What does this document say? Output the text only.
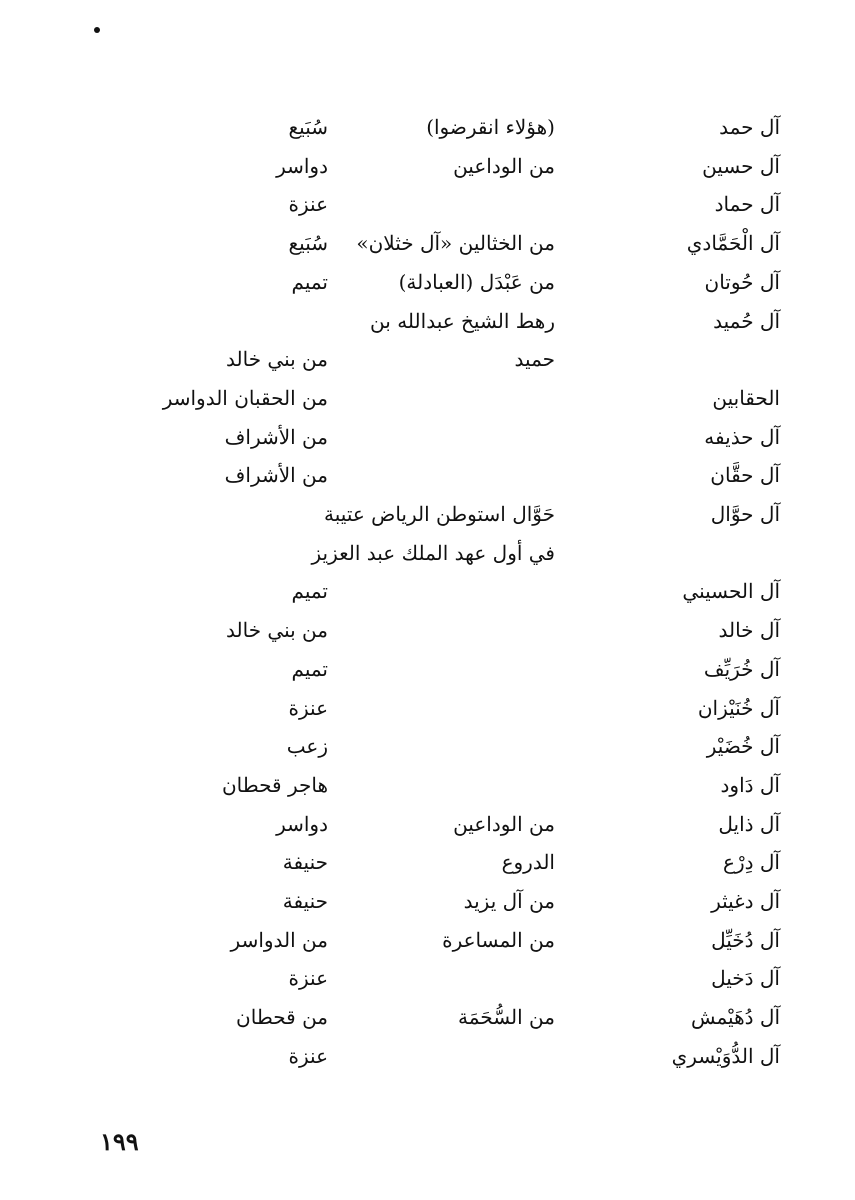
آل حمد
(هؤلاء انقرضوا)
سُبَيع
آل حسين
من الوداعين
دواسر
آل حماد
عنزة
آل الْحَمَّادي
من الخثالين «آل خثلان»
سُبَيع
آل حُوتان
من عَبْدَل (العبادلة)
تميم
آل حُميد
رهط الشيخ عبدالله بن
حميد
من بني خالد
الحقابين
من الحقبان الدواسر
آل حذيفه
من الأشراف
آل حقَّان
من الأشراف
آل حوَّال
حَوَّال استوطن الرياض عتيبة
في أول عهد الملك عبد العزيز
آل الحسيني
تميم
آل خالد
من بني خالد
آل خُرَيِّف
تميم
آل خُنَيْزان
عنزة
آل خُضَيْر
زعب
آل دَاود
هاجر قحطان
آل ذايل
من الوداعين
دواسر
آل دِرْع
الدروع
حنيفة
آل دغيثر
من آل يزيد
حنيفة
آل دُخَيِّل
من المساعرة
من الدواسر
آل دَخيل
عنزة
آل دُهَيْمش
من السُّحَمَة
من قحطان
آل الدُّوَيْسري
عنزة
١٩٩
